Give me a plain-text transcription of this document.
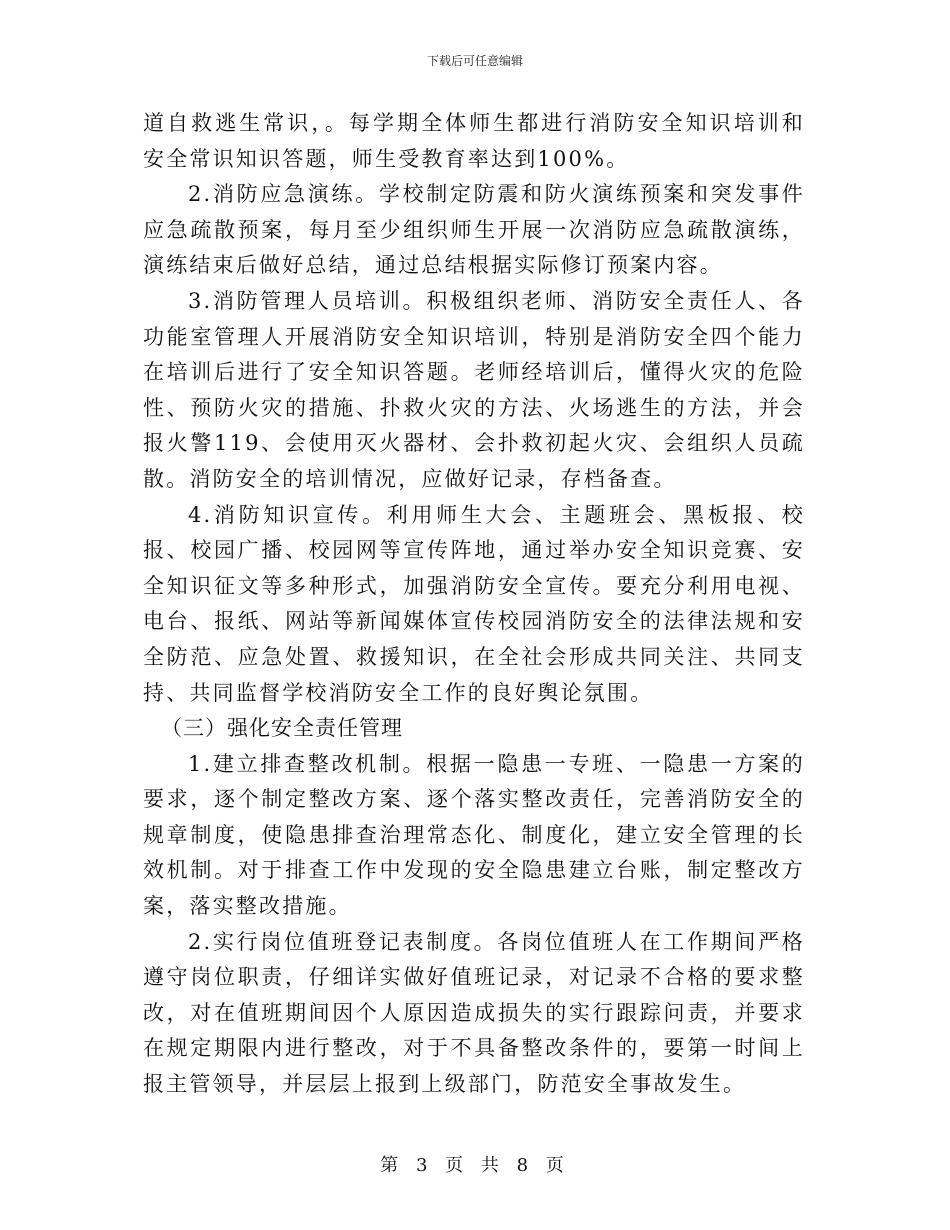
下载后可任意编辑

道自救逃生常识，。每学期全体师生都进行消防安全知识培训和安全常识知识答题，师生受教育率达到100%。

2.消防应急演练。学校制定防震和防火演练预案和突发事件应急疏散预案，每月至少组织师生开展一次消防应急疏散演练，演练结束后做好总结，通过总结根据实际修订预案内容。

3.消防管理人员培训。积极组织老师、消防安全责任人、各功能室管理人开展消防安全知识培训，特别是消防安全四个能力在培训后进行了安全知识答题。老师经培训后，懂得火灾的危险性、预防火灾的措施、扑救火灾的方法、火场逃生的方法，并会报火警119、会使用灭火器材、会扑救初起火灾、会组织人员疏散。消防安全的培训情况，应做好记录，存档备查。

4.消防知识宣传。利用师生大会、主题班会、黑板报、校报、校园广播、校园网等宣传阵地，通过举办安全知识竞赛、安全知识征文等多种形式，加强消防安全宣传。要充分利用电视、电台、报纸、网站等新闻媒体宣传校园消防安全的法律法规和安全防范、应急处置、救援知识，在全社会形成共同关注、共同支持、共同监督学校消防安全工作的良好舆论氛围。

（三）强化安全责任管理

1.建立排查整改机制。根据一隐患一专班、一隐患一方案的要求，逐个制定整改方案、逐个落实整改责任，完善消防安全的规章制度，使隐患排查治理常态化、制度化，建立安全管理的长效机制。对于排查工作中发现的安全隐患建立台账，制定整改方案，落实整改措施。

2.实行岗位值班登记表制度。各岗位值班人在工作期间严格遵守岗位职责，仔细详实做好值班记录，对记录不合格的要求整改，对在值班期间因个人原因造成损失的实行跟踪问责，并要求在规定期限内进行整改，对于不具备整改条件的，要第一时间上报主管领导，并层层上报到上级部门，防范安全事故发生。

第 3 页 共 8 页
